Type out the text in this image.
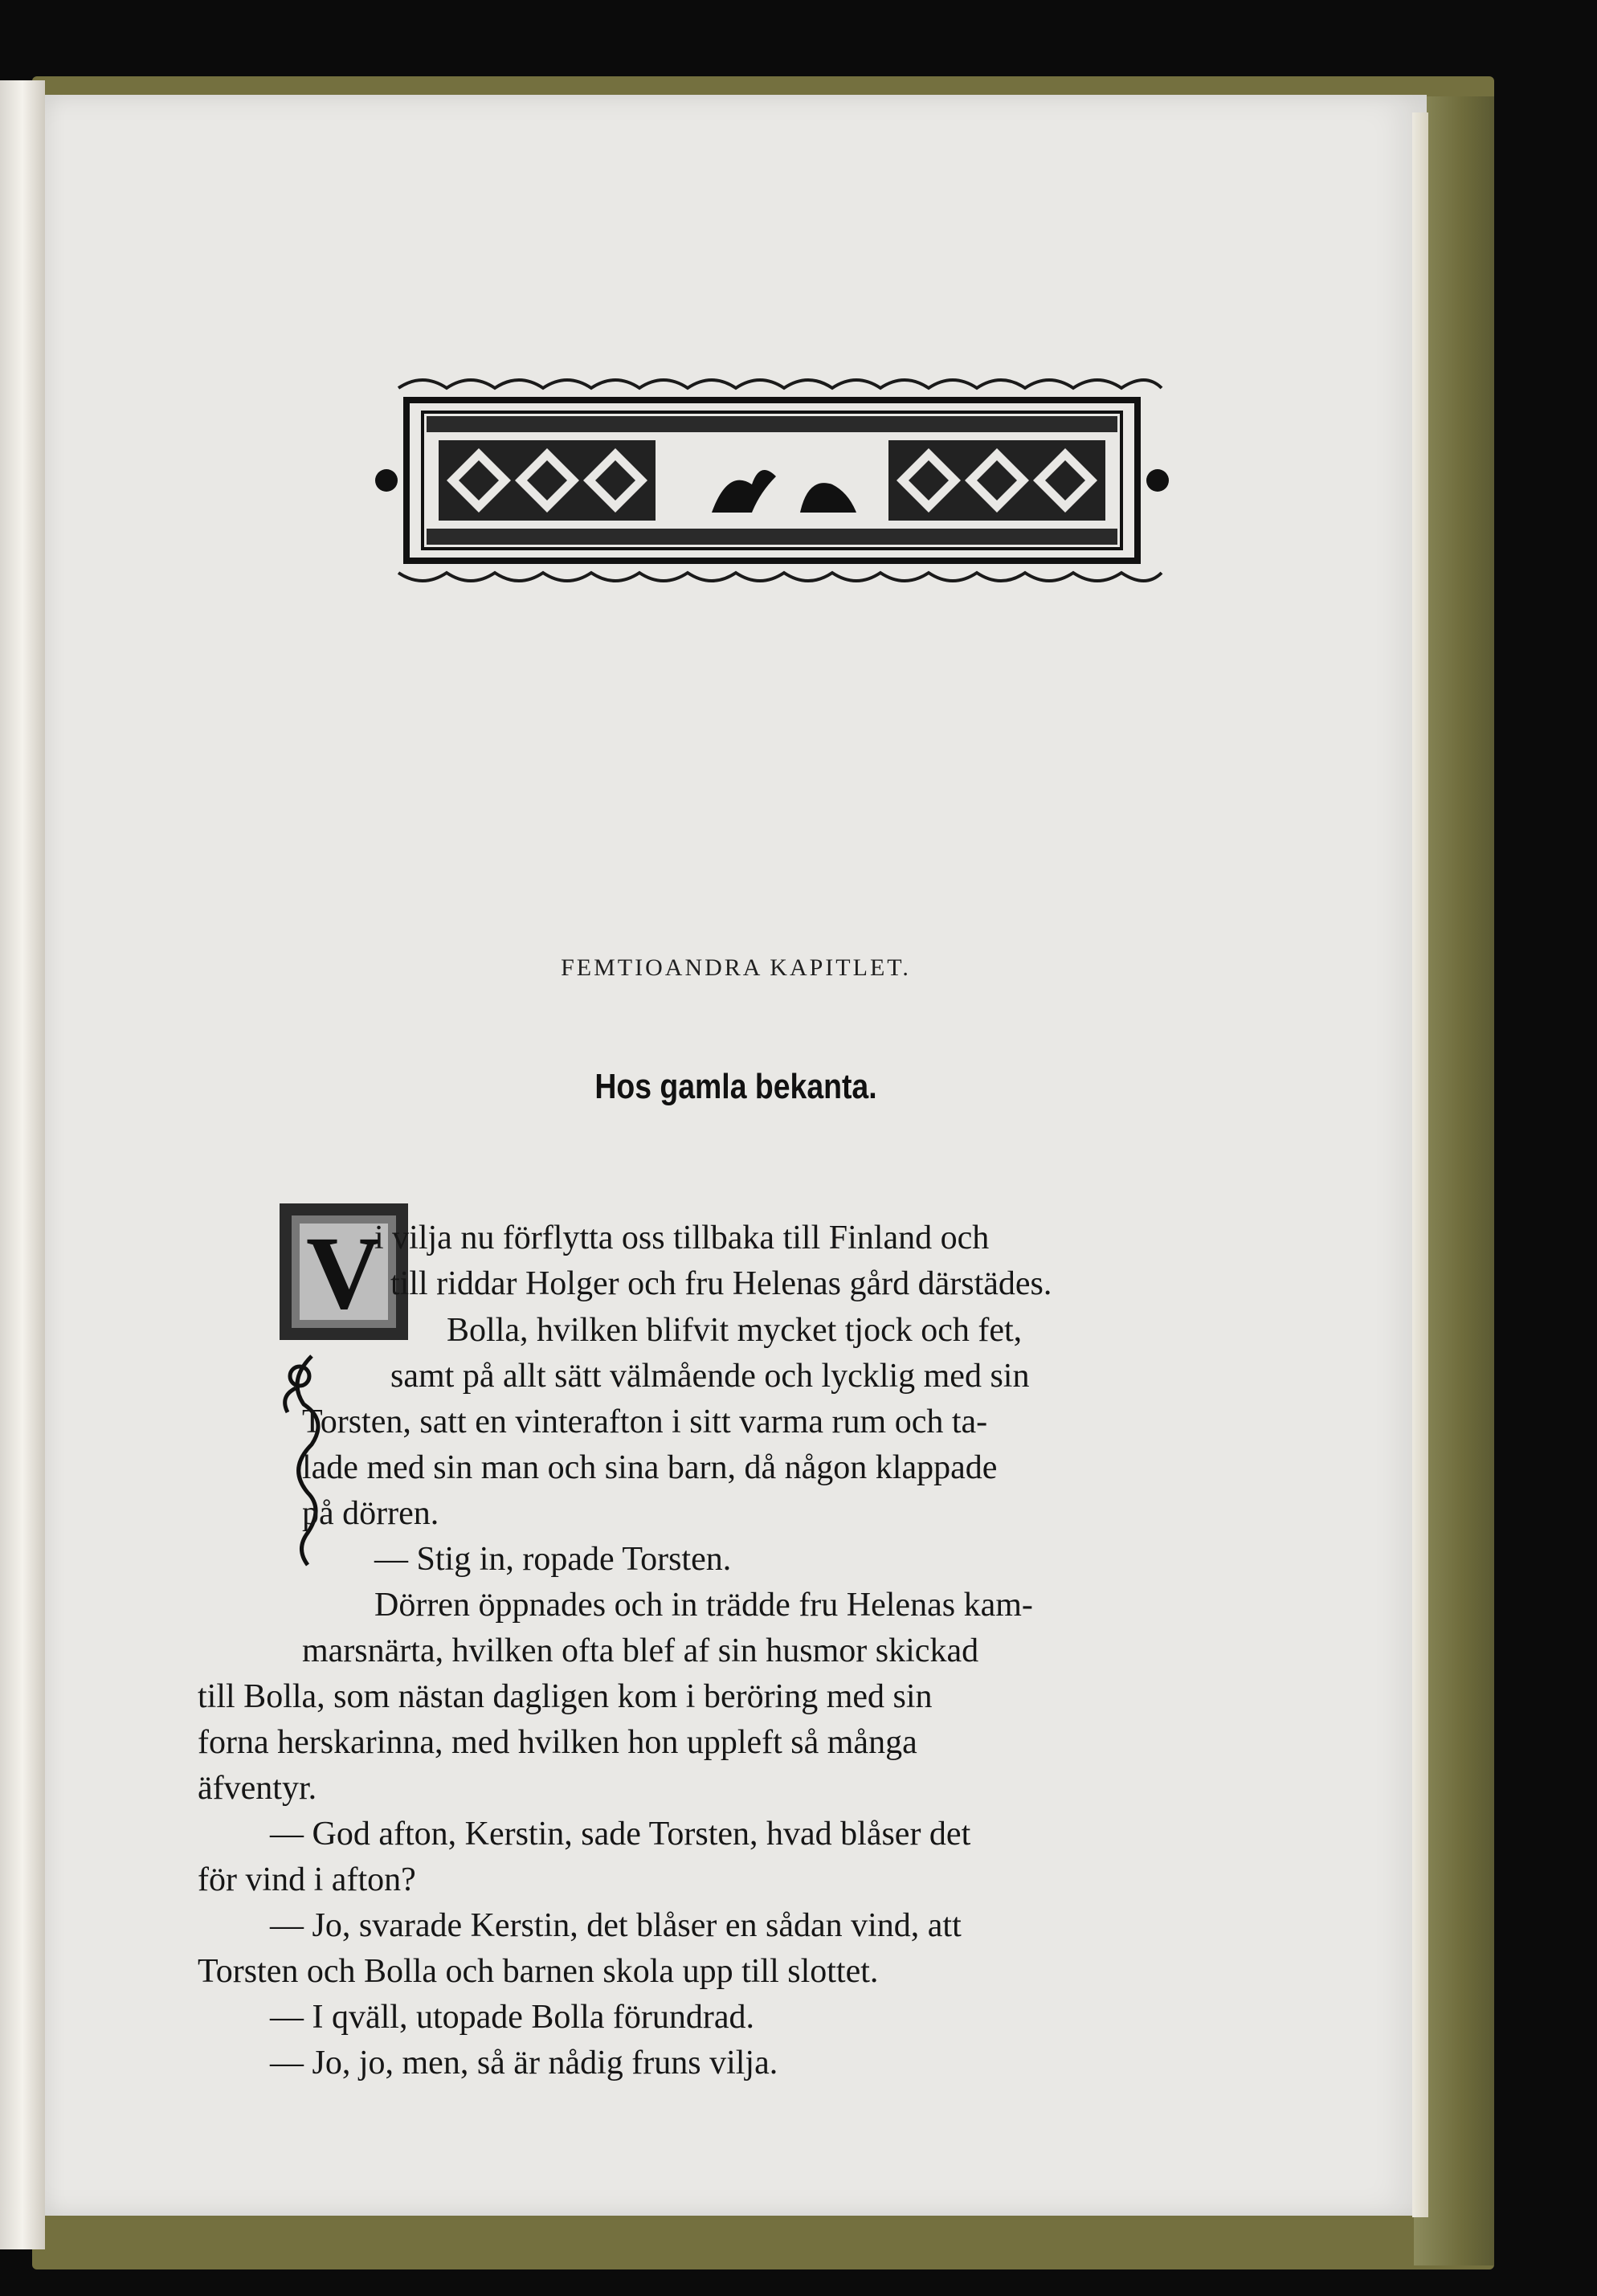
FEMTIOANDRA KAPITLET.
Hos gamla bekanta.
V
i vilja nu förflytta oss tillbaka till Finland och
till riddar Holger och fru Helenas gård därstädes.
Bolla, hvilken blifvit mycket tjock och fet,
samt på allt sätt välmående och lycklig med sin
Torsten, satt en vinterafton i sitt varma rum och ta-
lade med sin man och sina barn, då någon klappade
på dörren.
— Stig in, ropade Torsten.
Dörren öppnades och in trädde fru Helenas kam-
marsnärta, hvilken ofta blef af sin husmor skickad
till Bolla, som nästan dagligen kom i beröring med sin
forna herskarinna, med hvilken hon uppleft så många
äfventyr.
— God afton, Kerstin, sade Torsten, hvad blåser det
för vind i afton?
— Jo, svarade Kerstin, det blåser en sådan vind, att
Torsten och Bolla och barnen skola upp till slottet.
— I qväll, utopade Bolla förundrad.
— Jo, jo, men, så är nådig fruns vilja.
